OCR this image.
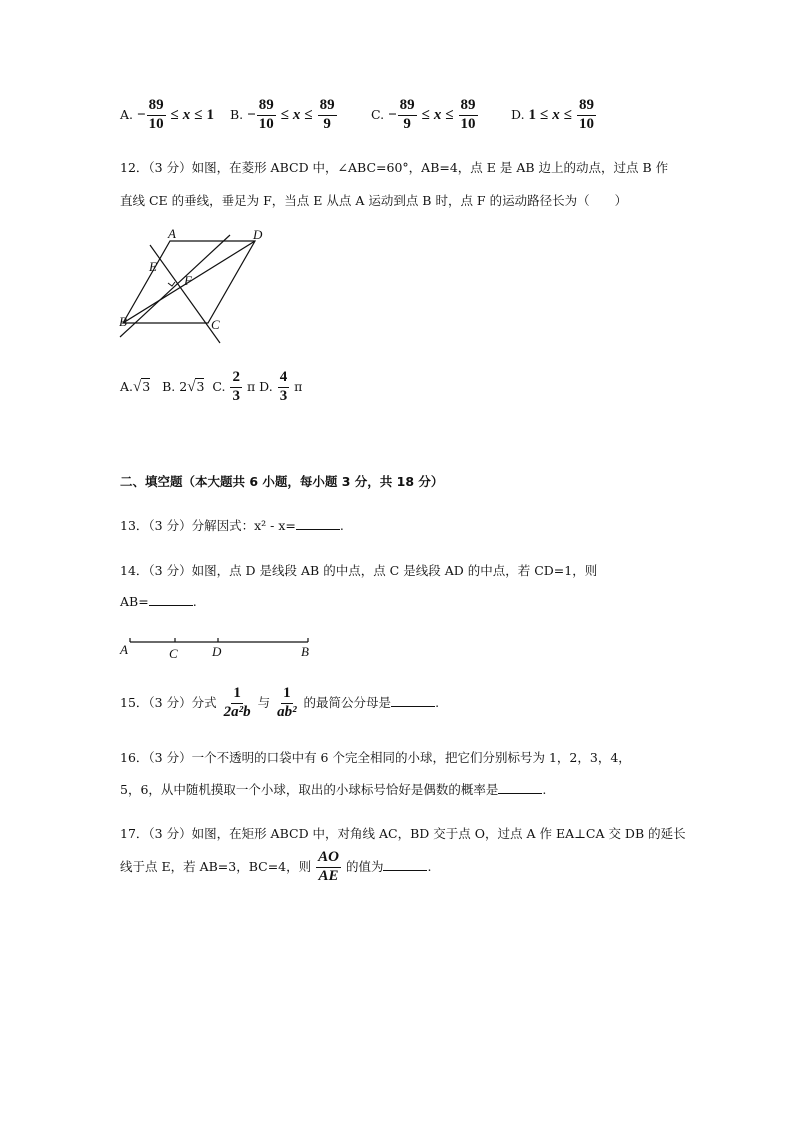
A. − $\frac{89}{10} \le x \le 1$ B. − $\frac{89}{10} \le x \le \frac{89}{9}$	C. − $\frac{89}{9} \le x \le \frac{89}{10}$	D. $1 \le x \le \frac{89}{10}$
12．（3 分）如图，在菱形 ABCD 中，∠ABC=60°，AB=4，点 E 是 AB 边上的动点，过点 B 作
直线 CE 的垂线，垂足为 F，当点 E 从点 A 运动到点 B 时，点 F 的运动路径长为（　　）
A	D
E
F
B	C
A.√3 B. 2√3 C. $\frac{2}{3}$ π D. $\frac{4}{3}$ π
二、填空题（本大题共 6 小题，每小题 3 分，共 18 分）
13．（3 分）分解因式：x² - x=	.
14．（3 分）如图，点 D 是线段 AB 的中点，点 C 是线段 AD 的中点，若 CD=1，则
AB=	.
A	C	D	B
15．（3 分）分式 $\frac{1}{\text{2a²b}}$ 与 $\frac{1}{\text{ab²}}$ 的最简公分母是	.
16．（3 分）一个不透明的口袋中有 6 个完全相同的小球，把它们分别标号为 1，2，3，4，
5，6，从中随机摸取一个小球，取出的小球标号恰好是偶数的概率是	.
17．（3 分）如图，在矩形 ABCD 中，对角线 AC，BD 交于点 O，过点 A 作 EA⊥CA 交 DB 的延长
线于点 E，若 AB=3，BC=4，则 $\frac{AO}{AE}$ 的值为	.
